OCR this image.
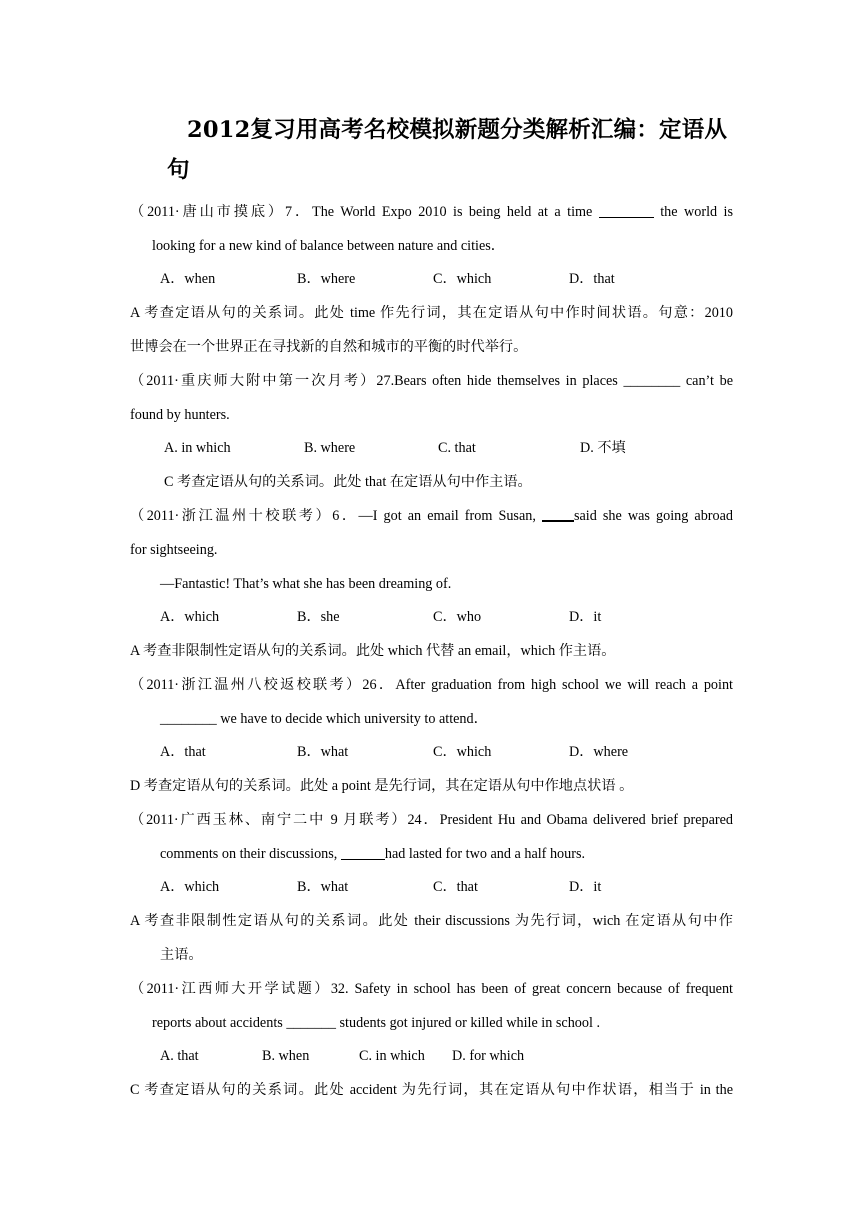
2012复习用高考名校模拟新题分类解析汇编：定语从句
（2011·唐山市摸底）7．The World Expo 2010 is being held at a time	the world is
looking for a new kind of balance between nature and cities．
A．when	B．where	C．which	D．that
A 考查定语从句的关系词。此处 time 作先行词，其在定语从句中作时间状语。句意：2010
世博会在一个世界正在寻找新的自然和城市的平衡的时代举行。
（2011·重庆师大附中第一次月考）27.Bears often hide themselves in places ________ can’t be
found by hunters.
A. in which	B. where	C. that	D. 不填
C 考查定语从句的关系词。此处 that 在定语从句中作主语。
（2011·浙江温州十校联考）6．—I got an email from Susan, said she was going abroad
for sightseeing.
—Fantastic! That’s what she has been dreaming of.
A．which	B．she	C．who	D．it
A 考查非限制性定语从句的关系词。此处 which 代替 an email，which 作主语。
（2011·浙江温州八校返校联考）26．After graduation from high school we will reach a point
________ we have to decide which university to attend．
A．that	B．what	C．which	D．where
D 考查定语从句的关系词。此处 a point 是先行词，其在定语从句中作地点状语 。
（2011·广西玉林、南宁二中 9 月联考）24．President Hu and Obama delivered brief prepared
comments on their discussions,	had lasted for two and a half hours.
A．which	B．what	C．that	D．it
A 考查非限制性定语从句的关系词。此处 their discussions 为先行词，wich 在定语从句中作
主语。
（2011·江西师大开学试题）32. Safety in school has been of great concern because of frequent
reports about accidents _______ students got injured or killed while in school .
A. that	B. when	C. in which D. for which
C 考查定语从句的关系词。此处 accident 为先行词，其在定语从句中作状语，相当于 in the
